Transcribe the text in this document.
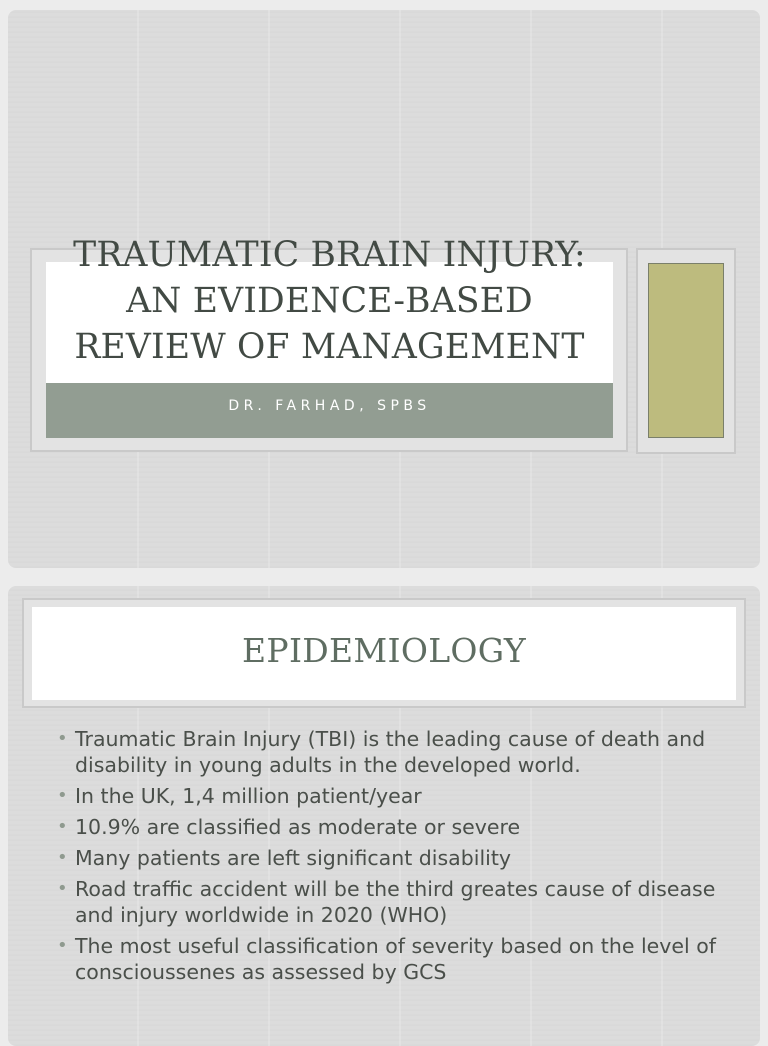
TRAUMATIC BRAIN INJURY:
AN EVIDENCE-BASED
REVIEW OF MANAGEMENT
DR. FARHAD, SPBS
EPIDEMIOLOGY
• Traumatic Brain Injury (TBI) is the leading cause of death and disability in young adults in the developed world.
• In the UK, 1,4 million patient/year
• 10.9% are classified as moderate or severe
• Many patients are left significant disability
• Road traffic accident will be the third greates cause of disease and injury worldwide in 2020 (WHO)
• The most useful classification of severity based on the level of conscioussenes as assessed by GCS
